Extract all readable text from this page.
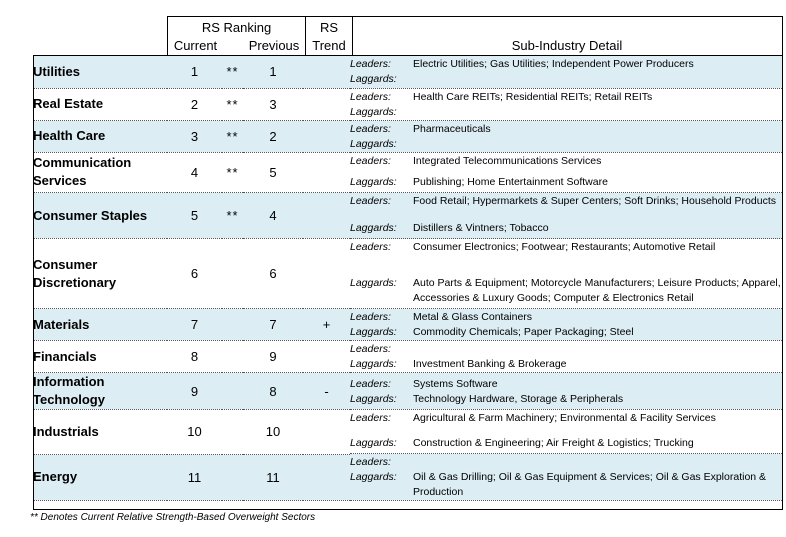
RS Ranking
Current	Previous
RS
Trend	Sub-Industry Detail
Utilities	1	**	1		Leaders: Electric Utilities; Gas Utilities; Independent Power Producers
Laggards:

Real Estate	2	**	3		Leaders: Health Care REITs; Residential REITs; Retail REITs
Laggards:

Health Care	3	**	2		Leaders: Pharmaceuticals
Laggards:

Communication Services	4	**	5		
Leaders:	Integrated Telecommunications Services
Laggards:	Publishing; Home Entertainment Software

Consumer Staples	5	**	4		
Leaders:	Food Retail; Hypermarkets & Super Centers; Soft Drinks; Household Products
Laggards:	Distillers & Vintners; Tobacco

Consumer Discretionary	6		6		
Leaders:	Consumer Electronics; Footwear; Restaurants; Automotive Retail
Laggards:	Auto Parts & Equipment; Motorcycle Manufacturers; Leisure Products; Apparel, Accessories & Luxury Goods; Computer & Electronics Retail

Materials	7		7	+	Leaders: Metal & Glass Containers
Laggards: Commodity Chemicals; Paper Packaging; Steel

Financials	8		9		Leaders:
Laggards: Investment Banking & Brokerage

Information Technology	9		8	-	Leaders: Systems Software
Laggards: Technology Hardware, Storage & Peripherals

Industrials	10		10		
Leaders:	Agricultural & Farm Machinery; Environmental & Facility Services
Laggards:	Construction & Engineering; Air Freight & Logistics; Trucking

Energy	11		11		Leaders:
Laggards: Oil & Gas Drilling; Oil & Gas Equipment & Services; Oil & Gas Exploration & Production
** Denotes Current Relative Strength-Based Overweight Sectors
